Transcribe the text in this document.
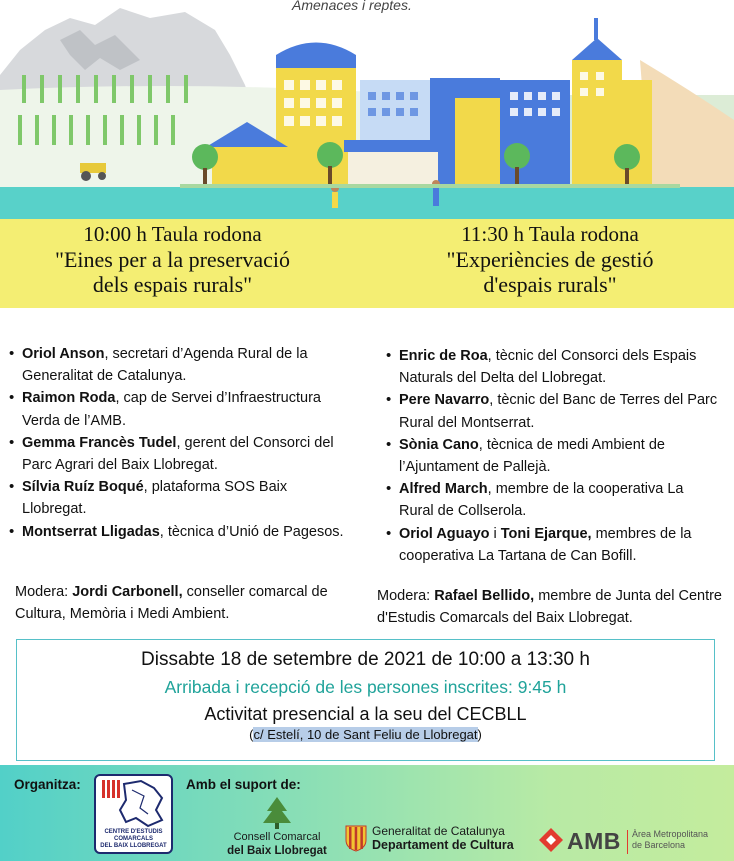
Amenaces i reptes.
10:00 h Taula rodona
"Eines per a la preservació
dels espais rurals"
11:30 h Taula rodona
"Experiències de gestió
d'espais rurals"
• Oriol Anson, secretari d’Agenda Rural de la Generalitat de Catalunya.
• Raimon Roda, cap de Servei d’Infraestructura Verda de l’AMB.
• Gemma Francès Tudel, gerent del Consorci del Parc Agrari del Baix Llobregat.
• Sílvia Ruíz Boqué, plataforma SOS Baix Llobregat.
• Montserrat Lligadas, tècnica d’Unió de Pagesos.
Modera: Jordi Carbonell, conseller comarcal de Cultura, Memòria i Medi Ambient.
• Enric de Roa, tècnic del Consorci dels Espais Naturals del Delta del Llobregat.
• Pere Navarro, tècnic del Banc de Terres del Parc Rural del Montserrat.
• Sònia Cano, tècnica de medi Ambient de l’Ajuntament de Pallejà.
• Alfred March, membre de la cooperativa La Rural de Collserola.
• Oriol Aguayo i Toni Ejarque, membres de la cooperativa La Tartana de Can Bofill.
Modera: Rafael Bellido, membre de Junta del Centre d'Estudis Comarcals del Baix Llobregat.
Dissabte 18 de setembre de 2021 de 10:00 a 13:30 h
Arribada i recepció de les persones inscrites: 9:45 h
Activitat presencial a la seu del CECBLL
(c/ Estelí, 10 de Sant Feliu de Llobregat)
Organitza:
CENTRE D'ESTUDIS
COMARCALS
DEL BAIX LLOBREGAT
Amb el suport de:
Consell Comarcal
del Baix Llobregat
Generalitat de Catalunya
Departament de Cultura AMB Àrea Metropolitana
de Barcelona
